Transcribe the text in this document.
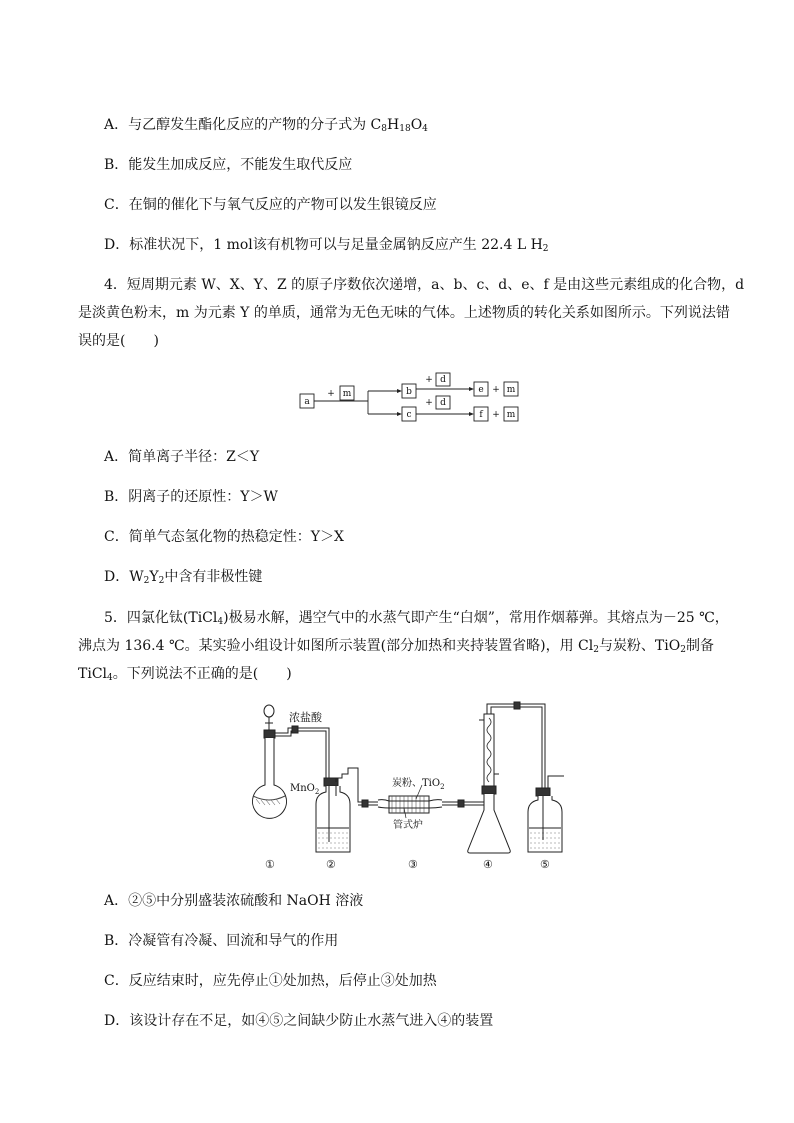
A．与乙醇发生酯化反应的产物的分子式为 $C_8H_{18}O_4$
B．能发生加成反应，不能发生取代反应
C．在铜的催化下与氧气反应的产物可以发生银镜反应
D．标准状况下，1 mol该有机物可以与足量金属钠反应产生 22.4 L $H_2$
4．短周期元素 W、X、Y、Z 的原子序数依次递增，a、b、c、d、e、f 是由这些元素组成的化合物，d
是淡黄色粉末，m 为元素 Y 的单质，通常为无色无味的气体。上述物质的转化关系如图所示。下列说法错
误的是(　　)
a
+ m	b
+ d
e + m
c
+ d
f + m
A．简单离子半径：Z＜Y
B．阴离子的还原性：Y＞W
C．简单气态氢化物的热稳定性：Y＞X
D．$W_2Y_2$中含有非极性键
5．四氯化钛(TiCl$_4$)极易水解，遇空气中的水蒸气即产生“白烟”，常用作烟幕弹。其熔点为－25 ℃，
沸点为 136.4 ℃。某实验小组设计如图所示装置(部分加热和夹持装置省略)，用 $Cl_2$与炭粉、TiO$_2$制备
TiCl$_4$。下列说法不正确的是(　　)
浓盐酸
MnO$_2$
炭粉、TiO$_2$
管式炉
①	②	③	④	⑤
A．②⑤中分别盛装浓硫酸和 NaOH 溶液
B．冷凝管有冷凝、回流和导气的作用
C．反应结束时，应先停止①处加热，后停止③处加热
D．该设计存在不足，如④⑤之间缺少防止水蒸气进入④的装置
